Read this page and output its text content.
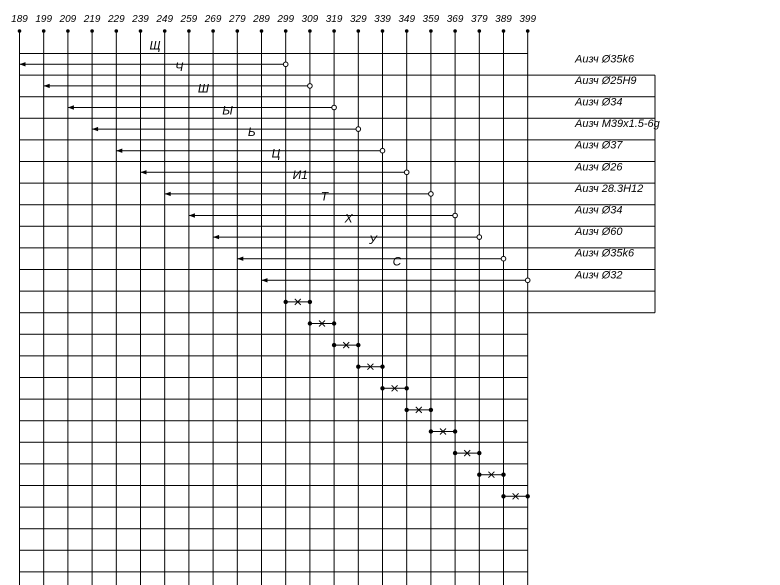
189 199 209 219 229 239 249 259 269 279 289 299 309 319 329 339 349 359 369 379 389 399
Щ
Ч
Ш
Ы
Ь
Ц
И1
Т
Х
У
С
Аизч Ø35k6
Аизч Ø25H9
Аизч Ø34
Аизч M39x1.5-6g
Аизч Ø37
Аизч Ø26
Аизч 28.3H12
Аизч Ø34
Аизч Ø60
Аизч Ø35k6
Аизч Ø32
